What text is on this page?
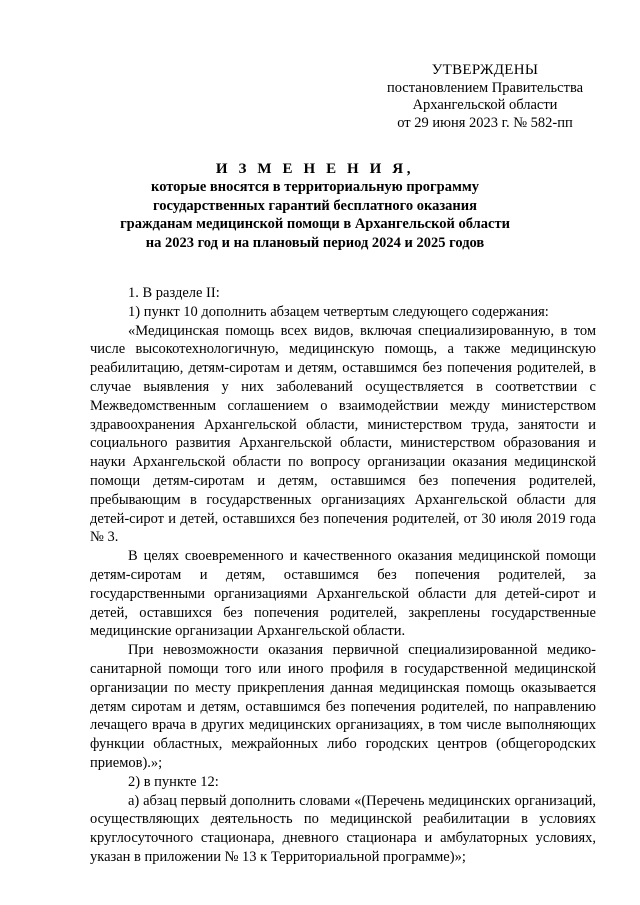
УТВЕРЖДЕНЫ
постановлением Правительства
Архангельской области
от 29 июня 2023 г. № 582-пп
И З М Е Н Е Н И Я,
которые вносятся в территориальную программу
государственных гарантий бесплатного оказания
гражданам медицинской помощи в Архангельской области
на 2023 год и на плановый период 2024 и 2025 годов

1. В разделе II:

1) пункт 10 дополнить абзацем четвертым следующего содержания:

«Медицинская помощь всех видов, включая специализированную, в том числе высокотехнологичную, медицинскую помощь, а также медицинскую реабилитацию, детям-сиротам и детям, оставшимся без попечения родителей, в случае выявления у них заболеваний осуществляется в соответствии с Межведомственным соглашением о взаимодействии между министерством здравоохранения Архангельской области, министерством труда, занятости и социального развития Архангельской области, министерством образования и науки Архангельской области по вопросу организации оказания медицинской помощи детям-сиротам и детям, оставшимся без попечения родителей, пребывающим в государственных организациях Архангельской области для детей-сирот и детей, оставшихся без попечения родителей, от 30 июля 2019 года № 3.

В целях своевременного и качественного оказания медицинской помощи детям-сиротам и детям, оставшимся без попечения родителей, за государственными организациями Архангельской области для детей-сирот и детей, оставшихся без попечения родителей, закреплены государственные медицинские организации Архангельской области.

При невозможности оказания первичной специализированной медико-санитарной помощи того или иного профиля в государственной медицинской организации по месту прикрепления данная медицинская помощь оказывается детям сиротам и детям, оставшимся без попечения родителей, по направлению лечащего врача в других медицинских организациях, в том числе выполняющих функции областных, межрайонных либо городских центров (общегородских приемов).»;

2) в пункте 12:

а) абзац первый дополнить словами «(Перечень медицинских организаций, осуществляющих деятельность по медицинской реабилитации в условиях круглосуточного стационара, дневного стационара и амбулаторных условиях, указан в приложении № 13 к Территориальной программе)»;
